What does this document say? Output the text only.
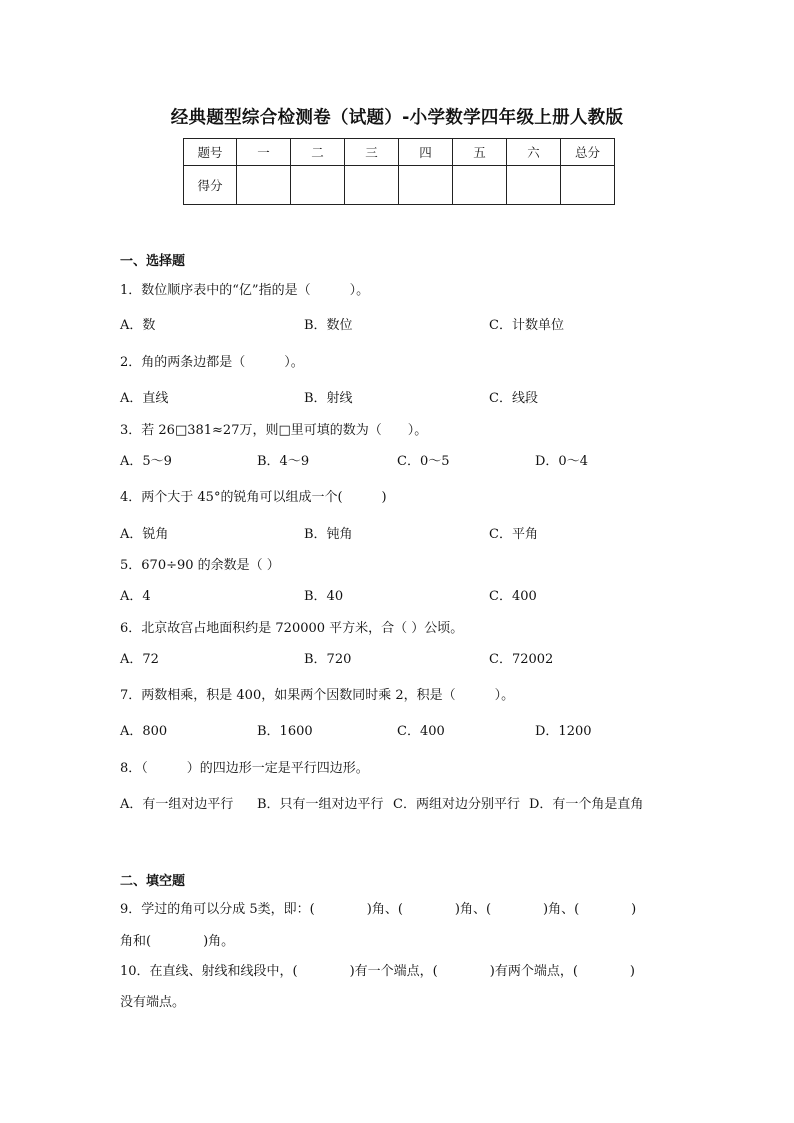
经典题型综合检测卷（试题）-小学数学四年级上册人教版
题号	一	二	三	四	五	六	总分
得分							
一、选择题
1．数位顺序表中的“亿”指的是（　　　）。
A．数	B．数位	C．计数单位
2．角的两条边都是（　　　）。
A．直线	B．射线	C．线段
3．若 26□381≈27万，则□里可填的数为（　　）。
A．5～9	B．4～9	C．0～5	D．0～4
4．两个大于 45°的锐角可以组成一个(　　　)
A．锐角	B．钝角	C．平角
5．670÷90 的余数是（ ）
A．4	B．40	C．400
6．北京故宫占地面积约是 720000 平方米，合（ ）公顷。
A．72	B．720	C．72002
7．两数相乘，积是 400，如果两个因数同时乘 2，积是（　　　）。
A．800	B．1600	C．400	D．1200
8．（　　　）的四边形一定是平行四边形。
A．有一组对边平行 B．只有一组对边平行 C．两组对边分别平行 D．有一个角是直角
二、填空题
9．学过的角可以分成 5类，即：(　　　　)角、(　　　　)角、(　　　　)角、(　　　　)
角和(　　　　)角。
10．在直线、射线和线段中，(　　　　)有一个端点，(　　　　)有两个端点，(　　　　)
没有端点。
